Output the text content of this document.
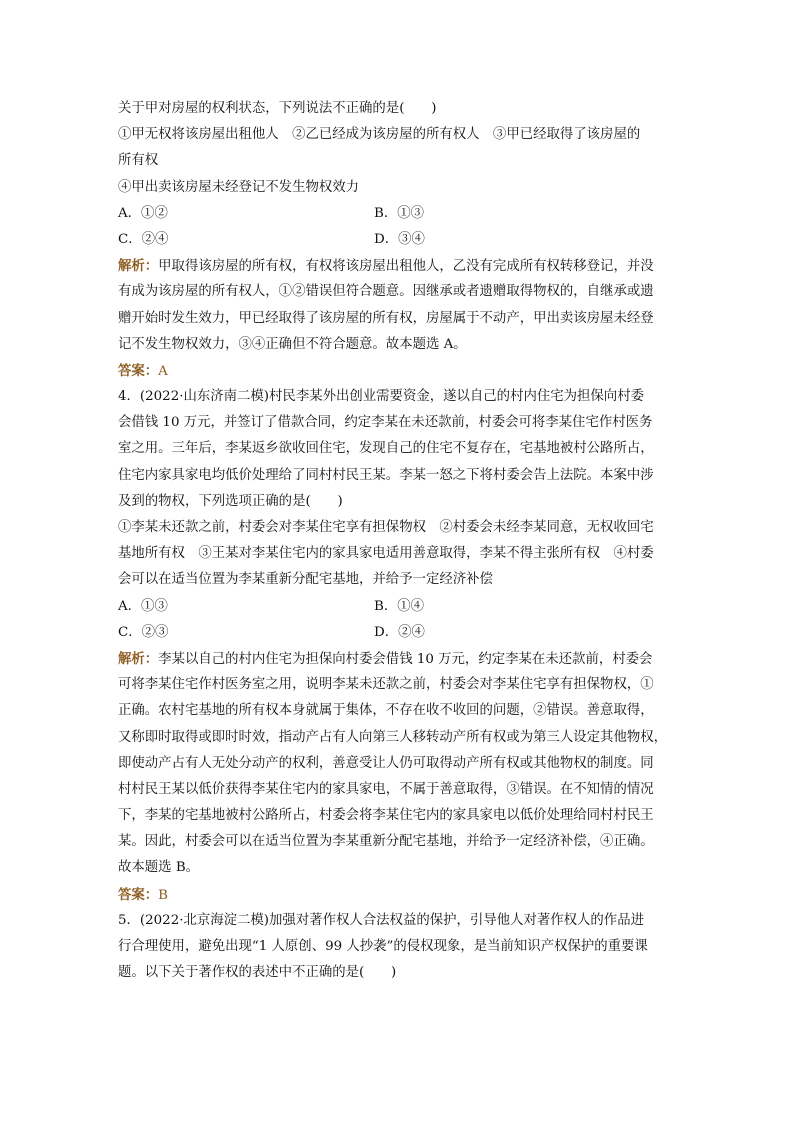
关于甲对房屋的权利状态，下列说法不正确的是(　　)
①甲无权将该房屋出租他人　②乙已经成为该房屋的所有权人　③甲已经取得了该房屋的
所有权
④甲出卖该房屋未经登记不发生物权效力
A．①②	B．①③
C．②④	D．③④
解析：甲取得该房屋的所有权，有权将该房屋出租他人，乙没有完成所有权转移登记，并没
有成为该房屋的所有权人，①②错误但符合题意。因继承或者遗赠取得物权的，自继承或遗
赠开始时发生效力，甲已经取得了该房屋的所有权，房屋属于不动产，甲出卖该房屋未经登
记不发生物权效力，③④正确但不符合题意。故本题选 A。
答案：A
4．(2022·山东济南二模)村民李某外出创业需要资金，遂以自己的村内住宅为担保向村委
会借钱 10 万元，并签订了借款合同，约定李某在未还款前，村委会可将李某住宅作村医务
室之用。三年后，李某返乡欲收回住宅，发现自己的住宅不复存在，宅基地被村公路所占，
住宅内家具家电均低价处理给了同村村民王某。李某一怒之下将村委会告上法院。本案中涉
及到的物权，下列选项正确的是(　　)
①李某未还款之前，村委会对李某住宅享有担保物权　②村委会未经李某同意，无权收回宅
基地所有权　③王某对李某住宅内的家具家电适用善意取得，李某不得主张所有权　④村委
会可以在适当位置为李某重新分配宅基地，并给予一定经济补偿
A．①③	B．①④
C．②③	D．②④
解析：李某以自己的村内住宅为担保向村委会借钱 10 万元，约定李某在未还款前，村委会
可将李某住宅作村医务室之用，说明李某未还款之前，村委会对李某住宅享有担保物权，①
正确。农村宅基地的所有权本身就属于集体，不存在收不收回的问题，②错误。善意取得，
又称即时取得或即时时效，指动产占有人向第三人移转动产所有权或为第三人设定其他物权，
即使动产占有人无处分动产的权利，善意受让人仍可取得动产所有权或其他物权的制度。同
村村民王某以低价获得李某住宅内的家具家电，不属于善意取得，③错误。在不知情的情况
下，李某的宅基地被村公路所占，村委会将李某住宅内的家具家电以低价处理给同村村民王
某。因此，村委会可以在适当位置为李某重新分配宅基地，并给予一定经济补偿，④正确。
故本题选 B。
答案：B
5．(2022·北京海淀二模)加强对著作权人合法权益的保护，引导他人对著作权人的作品进
行合理使用，避免出现“1 人原创、99 人抄袭”的侵权现象，是当前知识产权保护的重要课
题。以下关于著作权的表述中不正确的是(　　)
